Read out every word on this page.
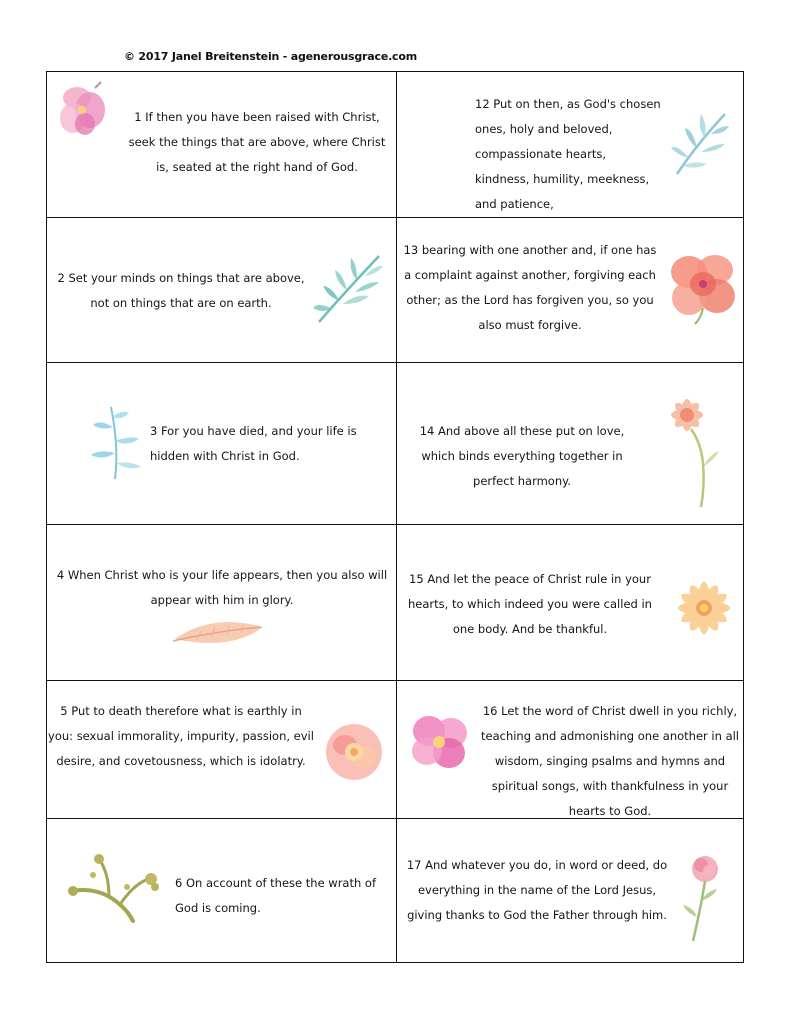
© 2017 Janel Breitenstein - agenerousgrace.com
1 If then you have been raised with Christ, seek the things that are above, where Christ is, seated at the right hand of God.
12 Put on then, as God's chosen ones, holy and beloved, compassionate hearts, kindness, humility, meekness, and patience,
2 Set your minds on things that are above, not on things that are on earth.
13 bearing with one another and, if one has a complaint against another, forgiving each other; as the Lord has forgiven you, so you also must forgive.
3 For you have died, and your life is hidden with Christ in God.
14 And above all these put on love, which binds everything together in perfect harmony.
4 When Christ who is your life appears, then you also will appear with him in glory.
15 And let the peace of Christ rule in your hearts, to which indeed you were called in one body. And be thankful.
5 Put to death therefore what is earthly in you: sexual immorality, impurity, passion, evil desire, and covetousness, which is idolatry.
16 Let the word of Christ dwell in you richly, teaching and admonishing one another in all wisdom, singing psalms and hymns and spiritual songs, with thankfulness in your hearts to God.
6 On account of these the wrath of God is coming.
17 And whatever you do, in word or deed, do everything in the name of the Lord Jesus, giving thanks to God the Father through him.
